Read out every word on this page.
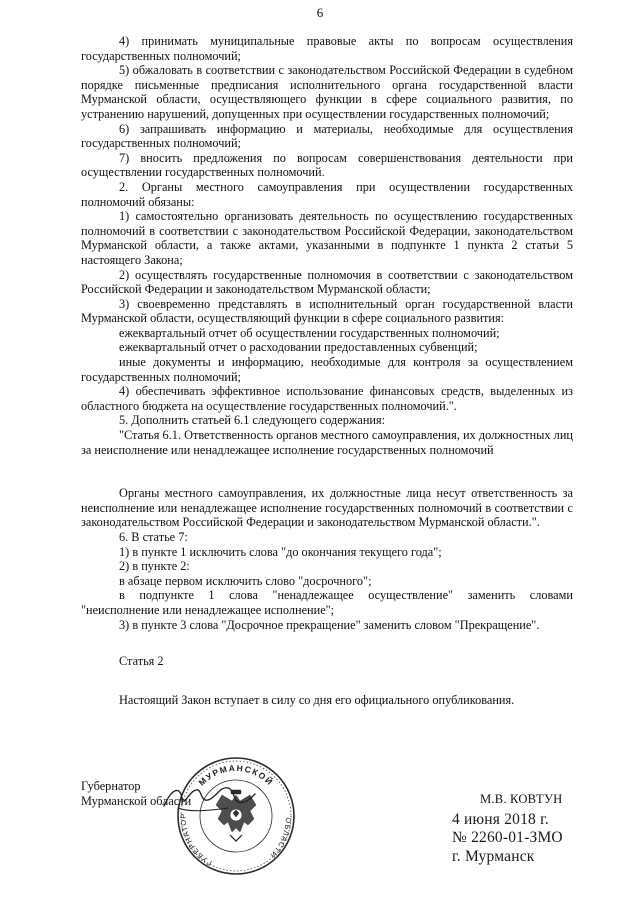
6

4) принимать муниципальные правовые акты по вопросам осуществления государственных полномочий;

5) обжаловать в соответствии с законодательством Российской Федерации в судебном порядке письменные предписания исполнительного органа государственной власти Мурманской области, осуществляющего функции в сфере социального развития, по устранению нарушений, допущенных при осуществлении государственных полномочий;

6) запрашивать информацию и материалы, необходимые для осуществления государственных полномочий;

7) вносить предложения по вопросам совершенствования деятельности при осуществлении государственных полномочий.

2. Органы местного самоуправления при осуществлении государственных полномочий обязаны:

1) самостоятельно организовать деятельность по осуществлению государственных полномочий в соответствии с законодательством Российской Федерации, законодательством Мурманской области, а также актами, указанными в подпункте 1 пункта 2 статьи 5 настоящего Закона;

2) осуществлять государственные полномочия в соответствии с законодательством Российской Федерации и законодательством Мурманской области;

3) своевременно представлять в исполнительный орган государственной власти Мурманской области, осуществляющий функции в сфере социального развития:

ежеквартальный отчет об осуществлении государственных полномочий;

ежеквартальный отчет о расходовании предоставленных субвенций;

иные документы и информацию, необходимые для контроля за осуществлением государственных полномочий;

4) обеспечивать эффективное использование финансовых средств, выделенных из областного бюджета на осуществление государственных полномочий.".

5. Дополнить статьей 6.1 следующего содержания:

"Статья 6.1. Ответственность органов местного самоуправления, их должностных лиц за неисполнение или ненадлежащее исполнение государственных полномочий

Органы местного самоуправления, их должностные лица несут ответственность за неисполнение или ненадлежащее исполнение государственных полномочий в соответствии с законодательством Российской Федерации и законодательством Мурманской области.".

6. В статье 7:

1) в пункте 1 исключить слова "до окончания текущего года";

2) в пункте 2:

в абзаце первом исключить слово "досрочного";

в подпункте 1 слова "ненадлежащее осуществление" заменить словами "неисполнение или ненадлежащее исполнение";

3) в пункте 3 слова "Досрочное прекращение" заменить словом "Прекращение".

Статья 2

Настоящий Закон вступает в силу со дня его официального опубликования.

Губернатор
Мурманской области
МУРМАНСКОЙ
ГУБЕРНАТОР
ОБЛАСТИ
М.В. КОВТУН
4 июня 2018 г.
№ 2260-01-ЗМО
г. Мурманск
